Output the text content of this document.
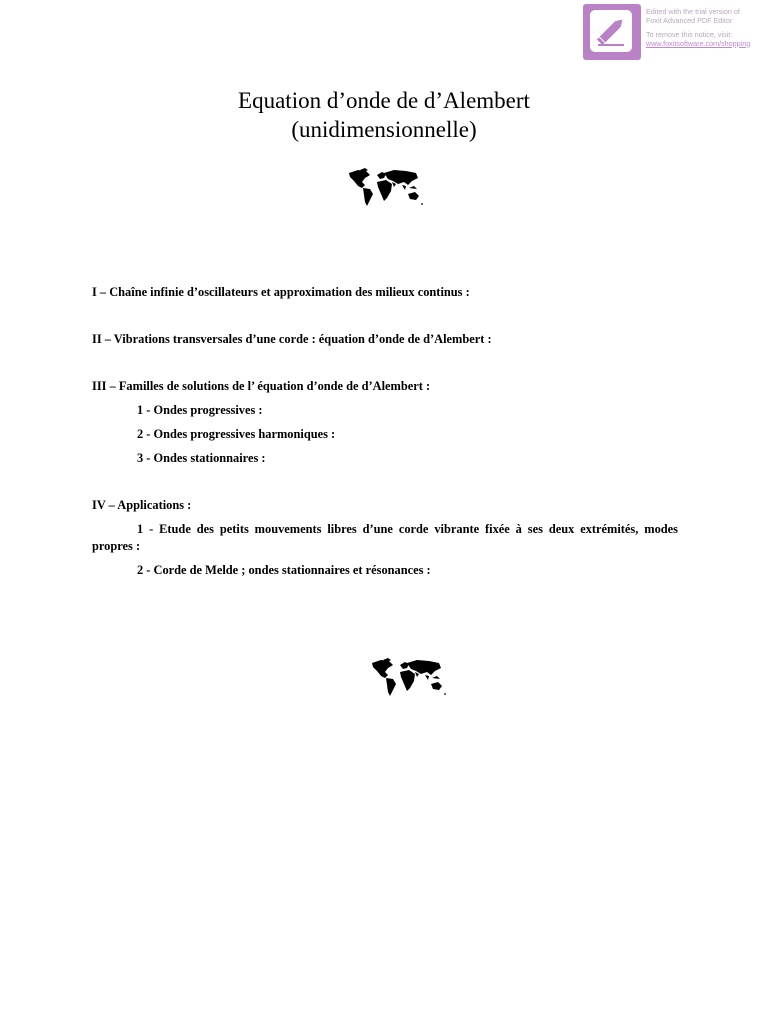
Edited with the trial version of
Foxit Advanced PDF Editor
To remove this notice, visit:
www.foxitsoftware.com/shopping
Equation d’onde de d’Alembert
(unidimensionnelle)

I – Chaîne infinie d’oscillateurs et approximation des milieux continus :

II – Vibrations transversales d’une corde : équation d’onde de d’Alembert :

III – Familles de solutions de l’ équation d’onde de d’Alembert :

1 - Ondes progressives :

2 - Ondes progressives harmoniques :

3 - Ondes stationnaires :

IV – Applications :

1 - Etude des petits mouvements libres d’une corde vibrante fixée à ses deux extrémités, modes propres :

2 - Corde de Melde ; ondes stationnaires et résonances :
